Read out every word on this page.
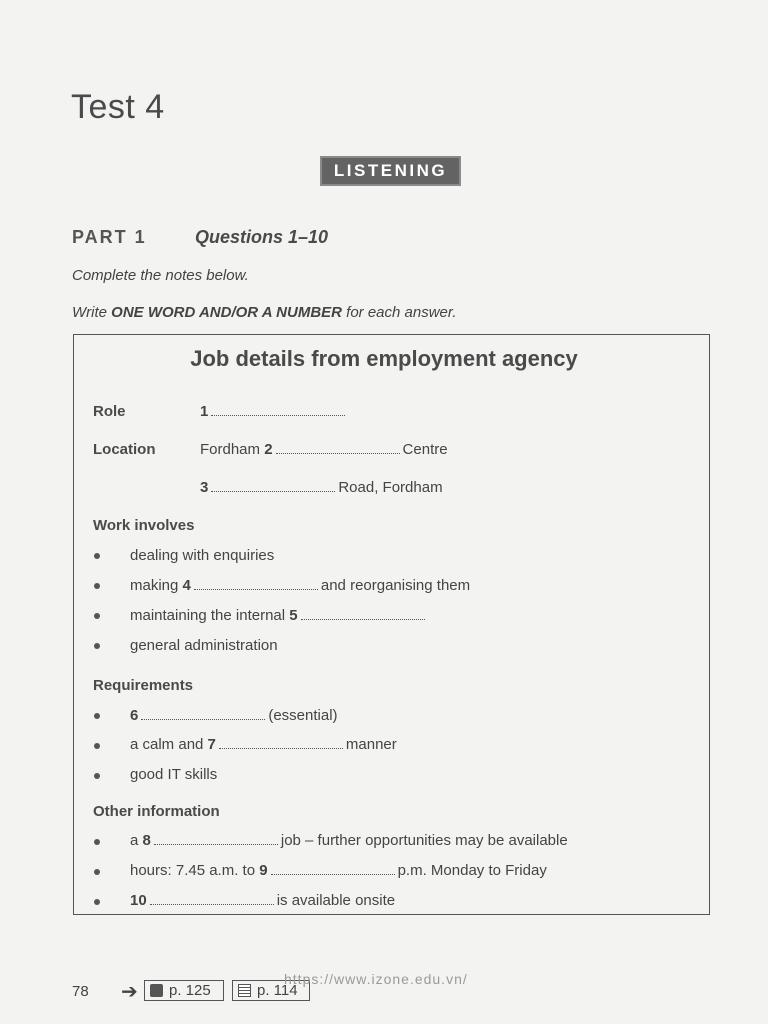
Test 4
LISTENING
PART 1	Questions 1–10
Complete the notes below.
Write ONE WORD AND/OR A NUMBER for each answer.
Job details from employment agency
Role	1
Location	Fordham 2	Centre
3	Road, Fordham
Work involves
dealing with enquiries
making 4	and reorganising them
maintaining the internal 5
general administration
Requirements
6	(essential)
a calm and 7	manner
good IT skills
Other information
a 8	job – further opportunities may be available
hours: 7.45 a.m. to 9	p.m. Monday to Friday
10	is available onsite
78 ➔ p. 125	p. 114
https://www.izone.edu.vn/
